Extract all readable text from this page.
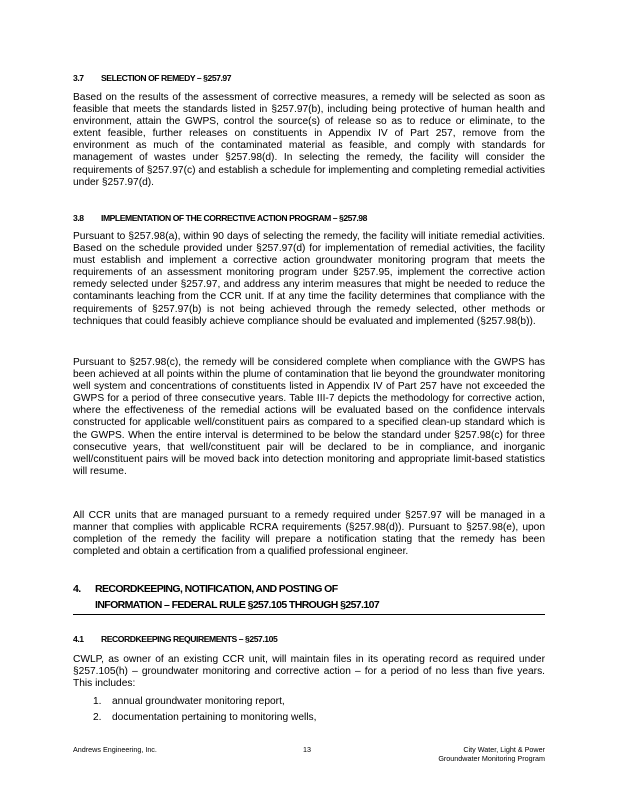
3.7 SELECTION OF REMEDY – §257.97

Based on the results of the assessment of corrective measures, a remedy will be selected as soon as feasible that meets the standards listed in §257.97(b), including being protective of human health and environment, attain the GWPS, control the source(s) of release so as to reduce or eliminate, to the extent feasible, further releases on constituents in Appendix IV of Part 257, remove from the environment as much of the contaminated material as feasible, and comply with standards for management of wastes under §257.98(d). In selecting the remedy, the facility will consider the requirements of §257.97(c) and establish a schedule for implementing and completing remedial activities under §257.97(d).

3.8 IMPLEMENTATION OF THE CORRECTIVE ACTION PROGRAM – §257.98

Pursuant to §257.98(a), within 90 days of selecting the remedy, the facility will initiate remedial activities. Based on the schedule provided under §257.97(d) for implementation of remedial activities, the facility must establish and implement a corrective action groundwater monitoring program that meets the requirements of an assessment monitoring program under §257.95, implement the corrective action remedy selected under §257.97, and address any interim measures that might be needed to reduce the contaminants leaching from the CCR unit. If at any time the facility determines that compliance with the requirements of §257.97(b) is not being achieved through the remedy selected, other methods or techniques that could feasibly achieve compliance should be evaluated and implemented (§257.98(b)).

Pursuant to §257.98(c), the remedy will be considered complete when compliance with the GWPS has been achieved at all points within the plume of contamination that lie beyond the groundwater monitoring well system and concentrations of constituents listed in Appendix IV of Part 257 have not exceeded the GWPS for a period of three consecutive years. Table III-7 depicts the methodology for corrective action, where the effectiveness of the remedial actions will be evaluated based on the confidence intervals constructed for applicable well/constituent pairs as compared to a specified clean-up standard which is the GWPS. When the entire interval is determined to be below the standard under §257.98(c) for three consecutive years, that well/constituent pair will be declared to be in compliance, and inorganic well/constituent pairs will be moved back into detection monitoring and appropriate limit-based statistics will resume.

All CCR units that are managed pursuant to a remedy required under §257.97 will be managed in a manner that complies with applicable RCRA requirements (§257.98(d)). Pursuant to §257.98(e), upon completion of the remedy the facility will prepare a notification stating that the remedy has been completed and obtain a certification from a qualified professional engineer.

4. RECORDKEEPING, NOTIFICATION, AND POSTING OF
INFORMATION – FEDERAL RULE §257.105 THROUGH §257.107
4.1 RECORDKEEPING REQUIREMENTS – §257.105

CWLP, as owner of an existing CCR unit, will maintain files in its operating record as required under §257.105(h) – groundwater monitoring and corrective action – for a period of no less than five years. This includes:

1. annual groundwater monitoring report,
2. documentation pertaining to monitoring wells,
Andrews Engineering, Inc.	13	City Water, Light & Power
Groundwater Monitoring Program
